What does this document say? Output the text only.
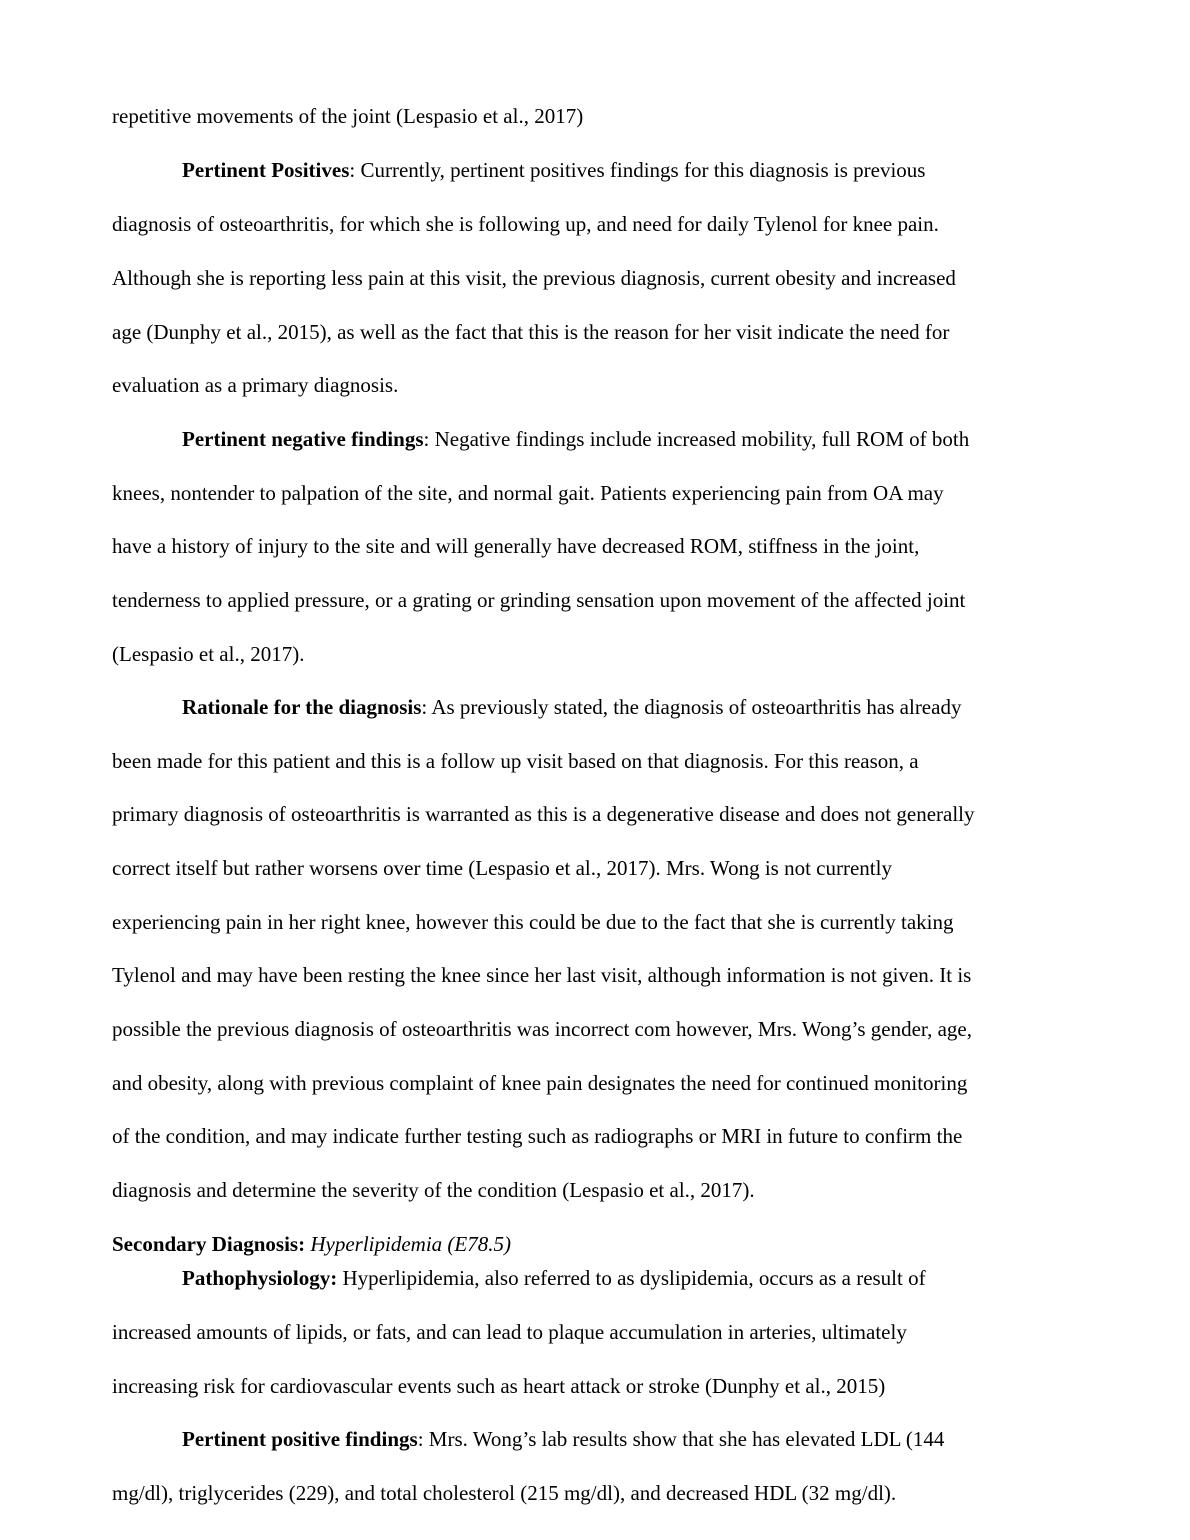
repetitive movements of the joint (Lespasio et al., 2017)

Pertinent Positives: Currently, pertinent positives findings for this diagnosis is previous

diagnosis of osteoarthritis, for which she is following up, and need for daily Tylenol for knee pain.

Although she is reporting less pain at this visit, the previous diagnosis, current obesity and increased

age (Dunphy et al., 2015), as well as the fact that this is the reason for her visit indicate the need for

evaluation as a primary diagnosis.

Pertinent negative findings: Negative findings include increased mobility, full ROM of both

knees, nontender to palpation of the site, and normal gait. Patients experiencing pain from OA may

have a history of injury to the site and will generally have decreased ROM, stiffness in the joint,

tenderness to applied pressure, or a grating or grinding sensation upon movement of the affected joint

(Lespasio et al., 2017).

Rationale for the diagnosis: As previously stated, the diagnosis of osteoarthritis has already

been made for this patient and this is a follow up visit based on that diagnosis. For this reason, a

primary diagnosis of osteoarthritis is warranted as this is a degenerative disease and does not generally

correct itself but rather worsens over time (Lespasio et al., 2017). Mrs. Wong is not currently

experiencing pain in her right knee, however this could be due to the fact that she is currently taking

Tylenol and may have been resting the knee since her last visit, although information is not given. It is

possible the previous diagnosis of osteoarthritis was incorrect com however, Mrs. Wong’s gender, age,

and obesity, along with previous complaint of knee pain designates the need for continued monitoring

of the condition, and may indicate further testing such as radiographs or MRI in future to confirm the

diagnosis and determine the severity of the condition (Lespasio et al., 2017).

Secondary Diagnosis: Hyperlipidemia (E78.5)

Pathophysiology: Hyperlipidemia, also referred to as dyslipidemia, occurs as a result of

increased amounts of lipids, or fats, and can lead to plaque accumulation in arteries, ultimately

increasing risk for cardiovascular events such as heart attack or stroke (Dunphy et al., 2015)

Pertinent positive findings: Mrs. Wong’s lab results show that she has elevated LDL (144

mg/dl), triglycerides (229), and total cholesterol (215 mg/dl), and decreased HDL (32 mg/dl).
